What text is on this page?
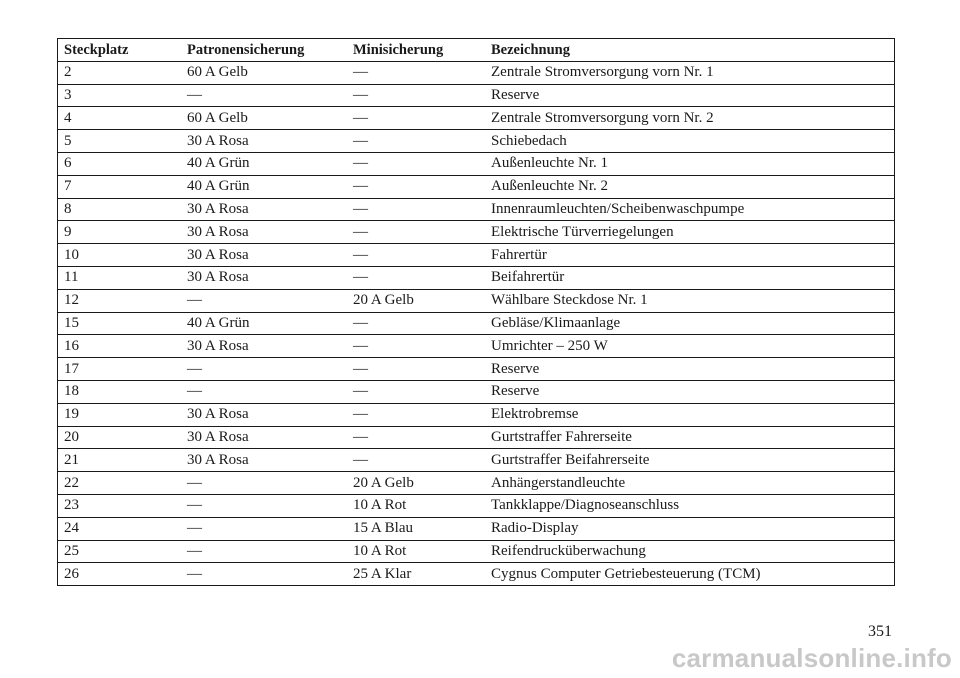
Steckplatz	Patronensicherung	Minisicherung	Bezeichnung
2	60 A Gelb	—	Zentrale Stromversorgung vorn Nr. 1
3	—	—	Reserve
4	60 A Gelb	—	Zentrale Stromversorgung vorn Nr. 2
5	30 A Rosa	—	Schiebedach
6	40 A Grün	—	Außenleuchte Nr. 1
7	40 A Grün	—	Außenleuchte Nr. 2
8	30 A Rosa	—	Innenraumleuchten/Scheibenwaschpumpe
9	30 A Rosa	—	Elektrische Türverriegelungen
10	30 A Rosa	—	Fahrertür
11	30 A Rosa	—	Beifahrertür
12	—	20 A Gelb	Wählbare Steckdose Nr. 1
15	40 A Grün	—	Gebläse/Klimaanlage
16	30 A Rosa	—	Umrichter – 250 W
17	—	—	Reserve
18	—	—	Reserve
19	30 A Rosa	—	Elektrobremse
20	30 A Rosa	—	Gurtstraffer Fahrerseite
21	30 A Rosa	—	Gurtstraffer Beifahrerseite
22	—	20 A Gelb	Anhängerstandleuchte
23	—	10 A Rot	Tankklappe/Diagnoseanschluss
24	—	15 A Blau	Radio-Display
25	—	10 A Rot	Reifendrucküberwachung
26	—	25 A Klar	Cygnus Computer Getriebesteuerung (TCM)
351
carmanualsonline.info
